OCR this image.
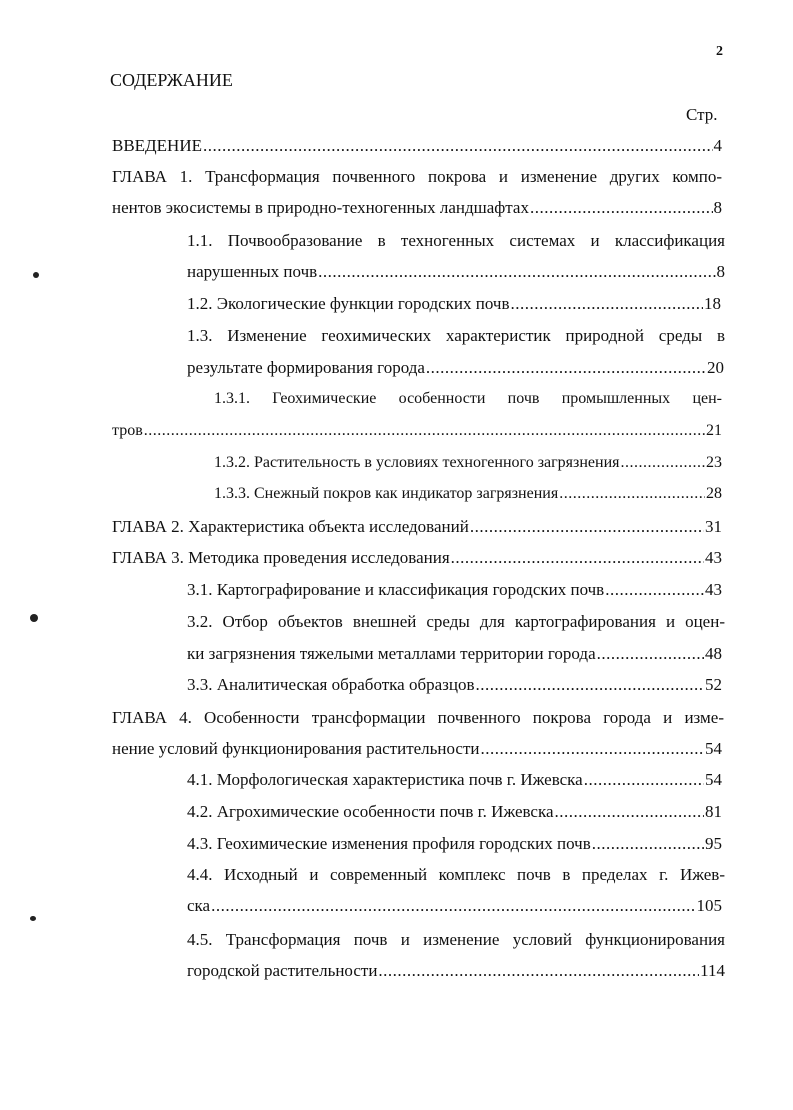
2
СОДЕРЖАНИЕ
Стр.
ВВЕДЕНИЕ .....	4
ГЛАВА 1. Трансформация почвенного покрова и изменение других компо-
нентов экосистемы в природно-техногенных ландшафтах .....	8
1.1. Почвообразование в техногенных системах и классификация
нарушенных почв .....	8
1.2. Экологические функции городских почв .....	18
1.3. Изменение геохимических характеристик природной среды в
результате формирования города .....	20
1.3.1. Геохимические особенности почв промышленных цен-
тров .....	21
1.3.2. Растительность в условиях техногенного загрязнения .....	23
1.3.3. Снежный покров как индикатор загрязнения .....	28
ГЛАВА 2. Характеристика объекта исследований .....	31
ГЛАВА 3. Методика проведения исследования .....	43
3.1. Картографирование и классификация городских почв .....	43
3.2. Отбор объектов внешней среды для картографирования и оцен-
ки загрязнения тяжелыми металлами территории города .....	48
3.3. Аналитическая обработка образцов .....	52
ГЛАВА 4. Особенности трансформации почвенного покрова города и изме-
нение условий функционирования растительности .....	54
4.1. Морфологическая характеристика почв г. Ижевска .....	54
4.2. Агрохимические особенности почв г. Ижевска .....	81
4.3. Геохимические изменения профиля городских почв .....	95
4.4. Исходный и современный комплекс почв в пределах г. Ижев-
ска .....	105
4.5. Трансформация почв и изменение условий функционирования
городской растительности .....	114
